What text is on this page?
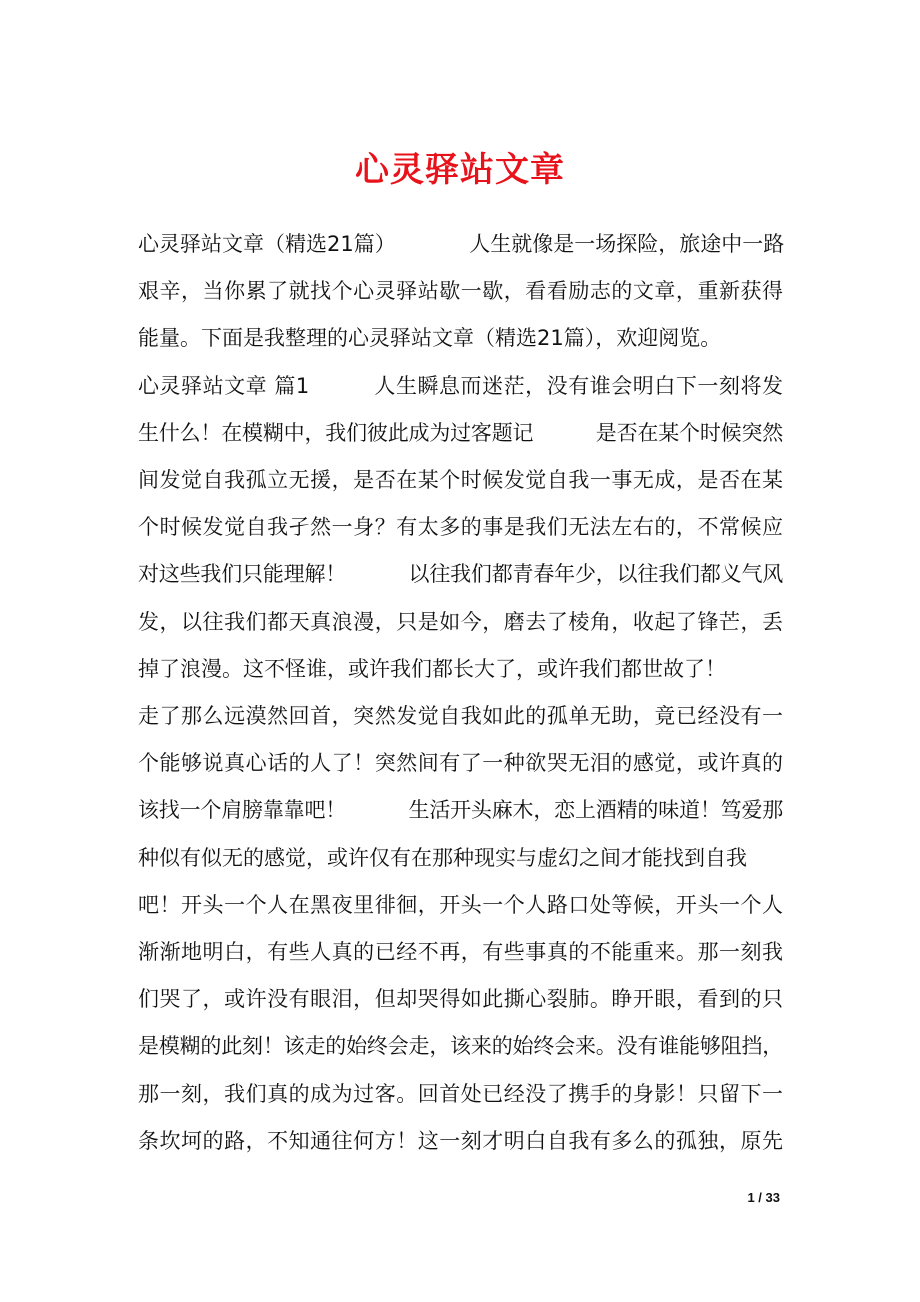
心灵驿站文章
心灵驿站文章（精选21篇）　　　　人生就像是一场探险，旅途中一路
艰辛，当你累了就找个心灵驿站歇一歇，看看励志的文章，重新获得
能量。下面是我整理的心灵驿站文章（精选21篇），欢迎阅览。
心灵驿站文章 篇1　　　人生瞬息而迷茫，没有谁会明白下一刻将发
生什么！在模糊中，我们彼此成为过客题记　　　是否在某个时候突然
间发觉自我孤立无援，是否在某个时候发觉自我一事无成，是否在某
个时候发觉自我孑然一身？有太多的事是我们无法左右的，不常候应
对这些我们只能理解！　　　以往我们都青春年少，以往我们都义气风
发，以往我们都天真浪漫，只是如今，磨去了棱角，收起了锋芒，丢
掉了浪漫。这不怪谁，或许我们都长大了，或许我们都世故了！
走了那么远漠然回首，突然发觉自我如此的孤单无助，竟已经没有一
个能够说真心话的人了！突然间有了一种欲哭无泪的感觉，或许真的
该找一个肩膀靠靠吧！　　　生活开头麻木，恋上酒精的味道！笃爱那
种似有似无的感觉，或许仅有在那种现实与虚幻之间才能找到自我
吧！开头一个人在黑夜里徘徊，开头一个人路口处等候，开头一个人
渐渐地明白，有些人真的已经不再，有些事真的不能重来。那一刻我
们哭了，或许没有眼泪，但却哭得如此撕心裂肺。睁开眼，看到的只
是模糊的此刻！该走的始终会走，该来的始终会来。没有谁能够阻挡，
那一刻，我们真的成为过客。回首处已经没了携手的身影！只留下一
条坎坷的路，不知通往何方！这一刻才明白自我有多么的孤独，原先
1 / 33
